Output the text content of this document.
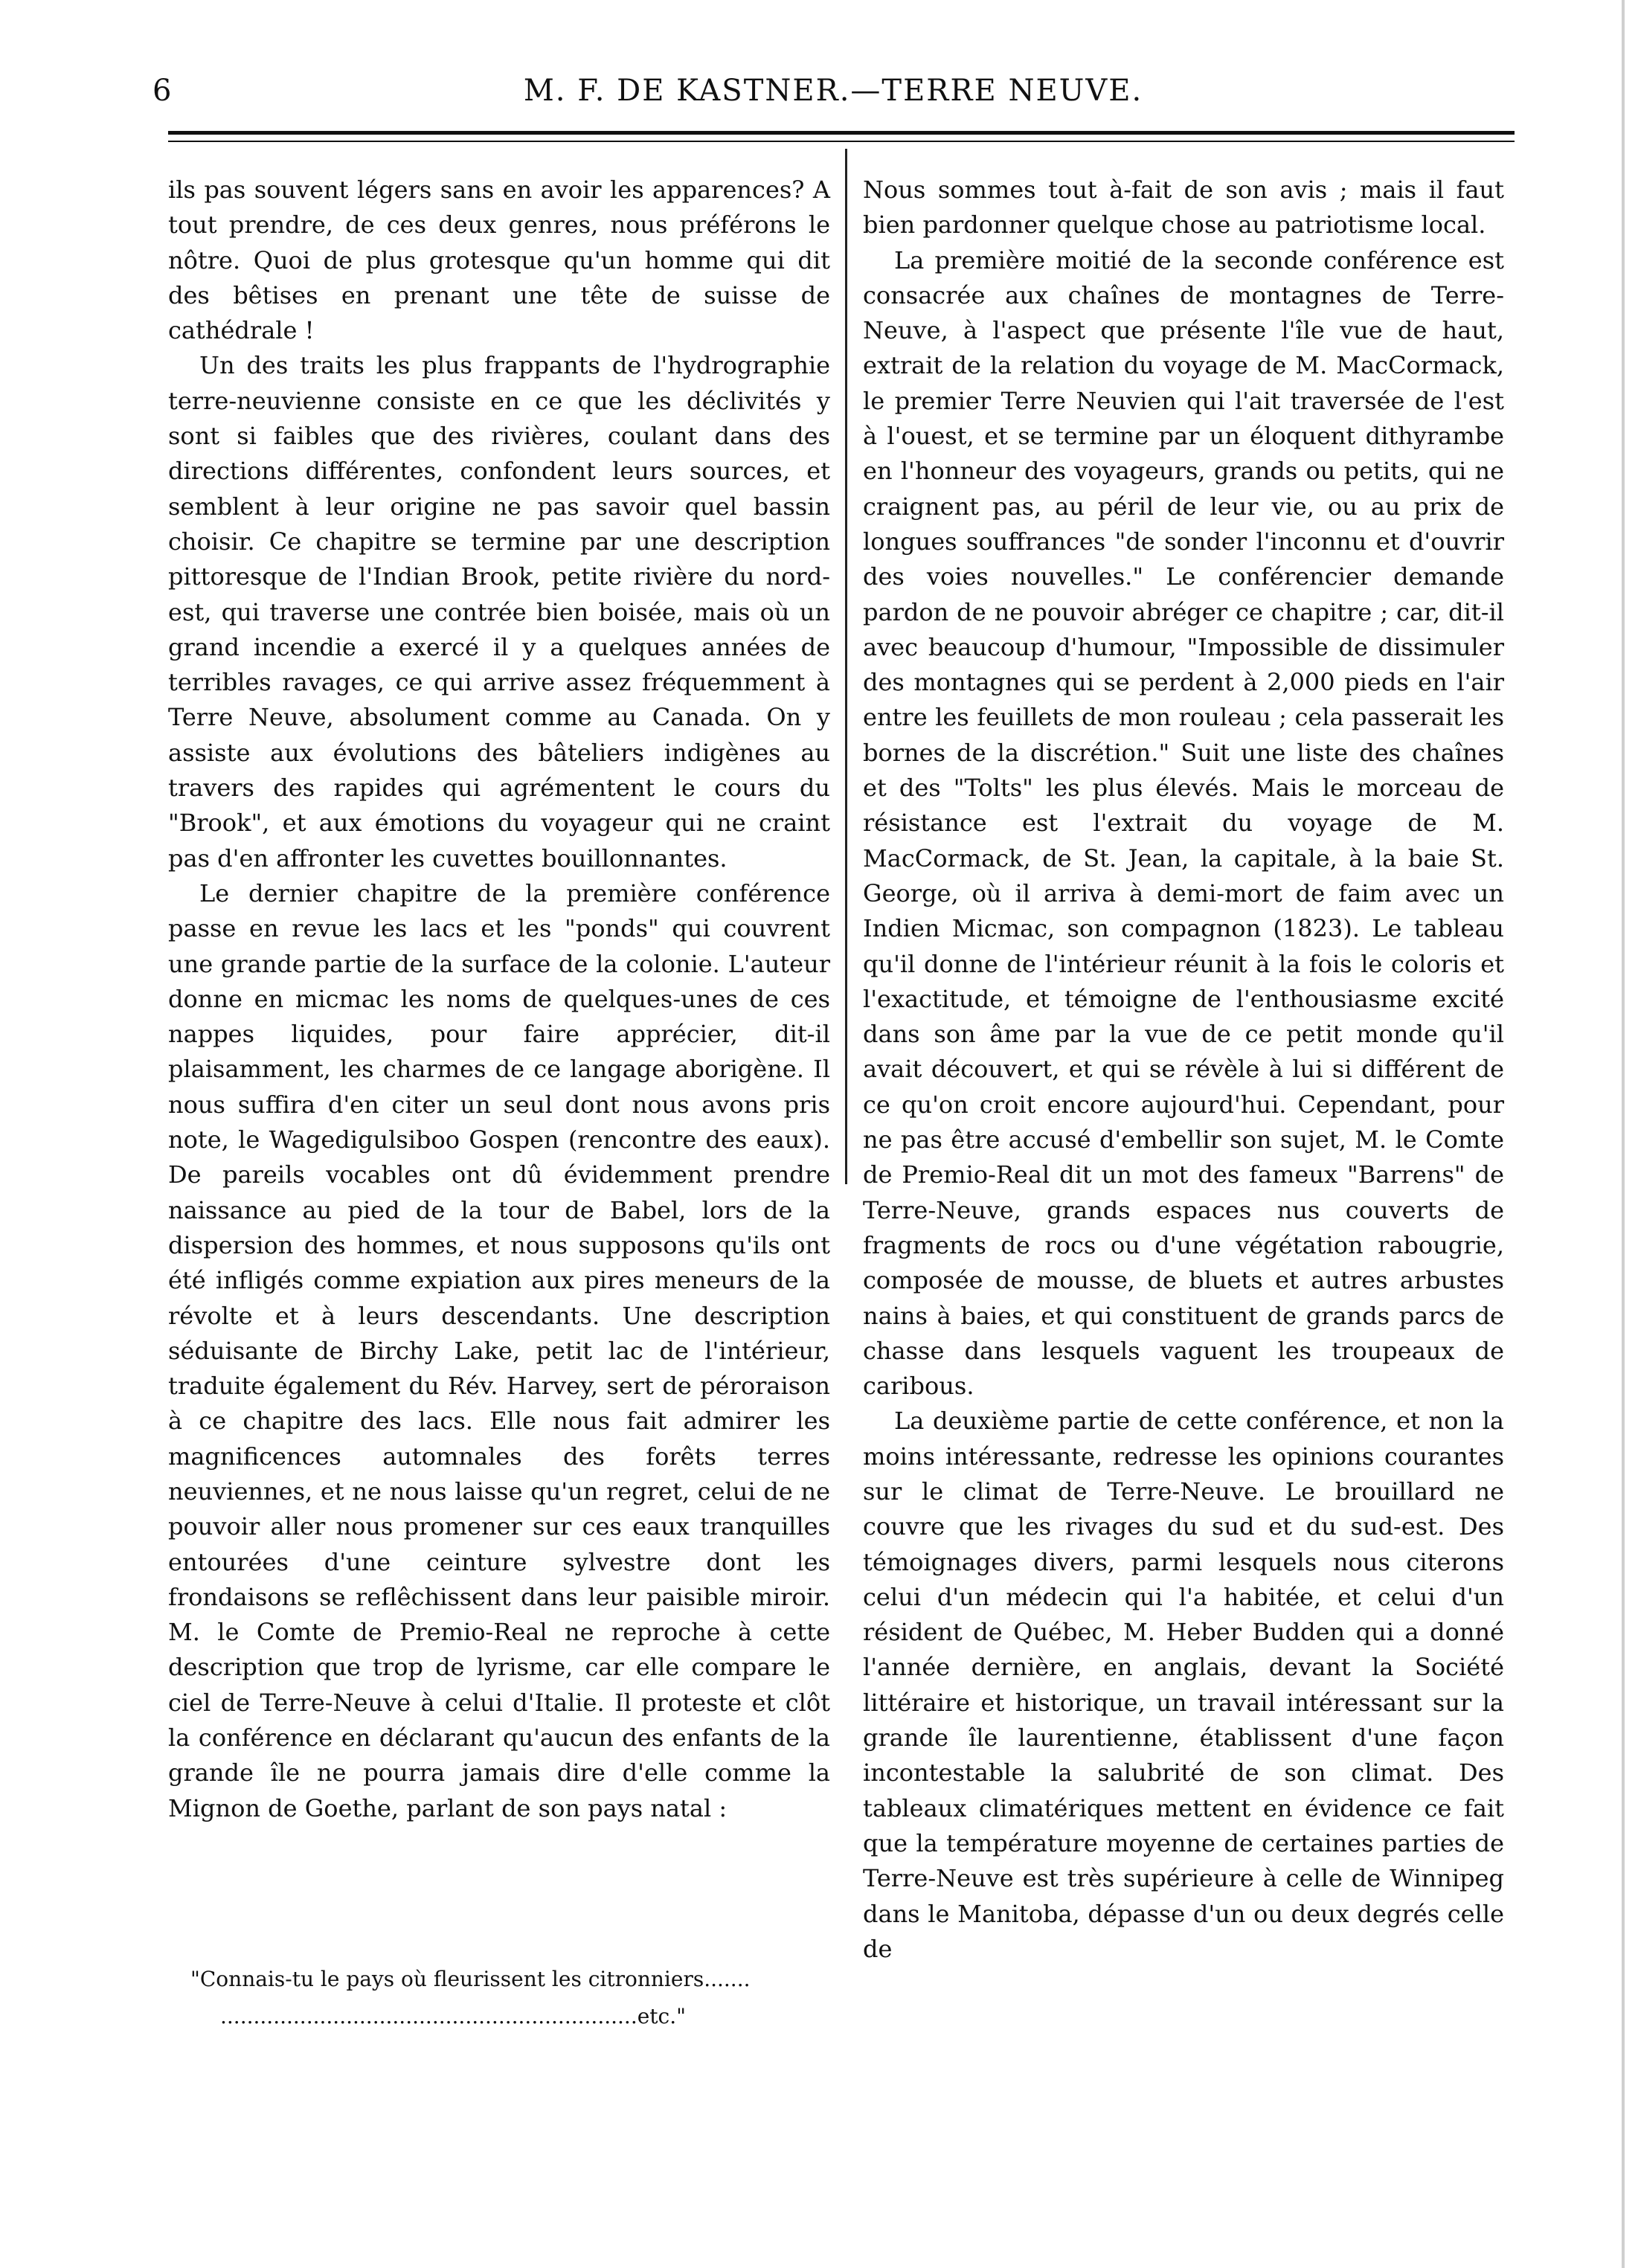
6	M. F. DE KASTNER.—TERRE NEUVE.

ils pas souvent légers sans en avoir les apparences? A tout prendre, de ces deux genres, nous préférons le nôtre. Quoi de plus grotesque qu'un homme qui dit des bêtises en prenant une tête de suisse de cathédrale !

Un des traits les plus frappants de l'hydrographie terre-neuvienne consiste en ce que les déclivités y sont si faibles que des rivières, coulant dans des directions différentes, confondent leurs sources, et semblent à leur origine ne pas savoir quel bassin choisir. Ce chapitre se termine par une description pittoresque de l'Indian Brook, petite rivière du nord-est, qui traverse une contrée bien boisée, mais où un grand incendie a exercé il y a quelques années de terribles ravages, ce qui arrive assez fréquemment à Terre Neuve, absolument comme au Canada. On y assiste aux évolutions des bâteliers indigènes au travers des rapides qui agrémentent le cours du "Brook", et aux émotions du voyageur qui ne craint pas d'en affronter les cuvettes bouillonnantes.

Le dernier chapitre de la première conférence passe en revue les lacs et les "ponds" qui couvrent une grande partie de la surface de la colonie. L'auteur donne en micmac les noms de quelques-unes de ces nappes liquides, pour faire apprécier, dit-il plaisamment, les charmes de ce langage aborigène. Il nous suffira d'en citer un seul dont nous avons pris note, le Wagedigulsiboo Gospen (rencontre des eaux). De pareils vocables ont dû évidemment prendre naissance au pied de la tour de Babel, lors de la dispersion des hommes, et nous supposons qu'ils ont été infligés comme expiation aux pires meneurs de la révolte et à leurs descendants. Une description séduisante de Birchy Lake, petit lac de l'intérieur, traduite également du Rév. Harvey, sert de péroraison à ce chapitre des lacs. Elle nous fait admirer les magnificences automnales des forêts terres neuviennes, et ne nous laisse qu'un regret, celui de ne pouvoir aller nous promener sur ces eaux tranquilles entourées d'une ceinture sylvestre dont les frondaisons se reflêchissent dans leur paisible miroir. M. le Comte de Premio-Real ne reproche à cette description que trop de lyrisme, car elle compare le ciel de Terre-Neuve à celui d'Italie. Il proteste et clôt la conférence en déclarant qu'aucun des enfants de la grande île ne pourra jamais dire d'elle comme la Mignon de Goethe, parlant de son pays natal :

"Connais-tu le pays où fleurissent les citronniers.......
...............................................................etc."

Nous sommes tout à-fait de son avis ; mais il faut bien pardonner quelque chose au patriotisme local.

La première moitié de la seconde conférence est consacrée aux chaînes de montagnes de Terre-Neuve, à l'aspect que présente l'île vue de haut, extrait de la relation du voyage de M. MacCormack, le premier Terre Neuvien qui l'ait traversée de l'est à l'ouest, et se termine par un éloquent dithyrambe en l'honneur des voyageurs, grands ou petits, qui ne craignent pas, au péril de leur vie, ou au prix de longues souffrances "de sonder l'inconnu et d'ouvrir des voies nouvelles." Le conférencier demande pardon de ne pouvoir abréger ce chapitre ; car, dit-il avec beaucoup d'humour, "Impossible de dissimuler des montagnes qui se perdent à 2,000 pieds en l'air entre les feuillets de mon rouleau ; cela passerait les bornes de la discrétion." Suit une liste des chaînes et des "Tolts" les plus élevés. Mais le morceau de résistance est l'extrait du voyage de M. MacCormack, de St. Jean, la capitale, à la baie St. George, où il arriva à demi-mort de faim avec un Indien Micmac, son compagnon (1823). Le tableau qu'il donne de l'intérieur réunit à la fois le coloris et l'exactitude, et témoigne de l'enthousiasme excité dans son âme par la vue de ce petit monde qu'il avait découvert, et qui se révèle à lui si différent de ce qu'on croit encore aujourd'hui. Cependant, pour ne pas être accusé d'embellir son sujet, M. le Comte de Premio-Real dit un mot des fameux "Barrens" de Terre-Neuve, grands espaces nus couverts de fragments de rocs ou d'une végétation rabougrie, composée de mousse, de bluets et autres arbustes nains à baies, et qui constituent de grands parcs de chasse dans lesquels vaguent les troupeaux de caribous.

La deuxième partie de cette conférence, et non la moins intéressante, redresse les opinions courantes sur le climat de Terre-Neuve. Le brouillard ne couvre que les rivages du sud et du sud-est. Des témoignages divers, parmi lesquels nous citerons celui d'un médecin qui l'a habitée, et celui d'un résident de Québec, M. Heber Budden qui a donné l'année dernière, en anglais, devant la Société littéraire et historique, un travail intéressant sur la grande île laurentienne, établissent d'une façon incontestable la salubrité de son climat. Des tableaux climatériques mettent en évidence ce fait que la température moyenne de certaines parties de Terre-Neuve est très supérieure à celle de Winnipeg dans le Manitoba, dépasse d'un ou deux degrés celle de
